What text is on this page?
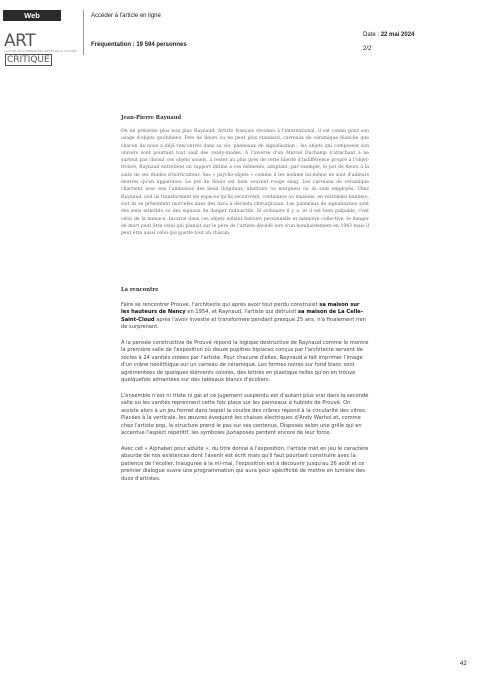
Web
ARTCRITIQUE
L'ACTUALITÉ DU MONDE DE L'ART ET DE LA CULTURE
Accéder à l'article en ligne
Fréquentation : 19 594 personnes
Date : 22 mai 2024
2/2
Jean-Pierre Raynaud
On ne présente plus non plus Raynaud. Artiste français reconnu à l'international, il est connu pour son usage d'objets quotidiens. Pots de fleurs ou ne peut plus standard, carreaux de céramique blanche que chacun de nous a déjà rencontrés dans sa vie, panneaux de signalisation ; les objets qui composent son univers sont pourtant tout sauf des ready-mades. À l'inverse d'un Marcel Duchamp s'attachant à ne surtout pas choisir ces objets usuels, à rester au plus près de cette liberté d'indifférence propre à l'objet-trouvé, Raynaud entretient un rapport intime à ces éléments, adoptant, par exemple, le pot de fleurs à la suite de ses études d'horticulteur. Ses « psycho-objets » comme il les nomme lui-même ne sont d'ailleurs neutres qu'en apparence. Le pot de fleurs est bien souvent rouge sang. Les carreaux de céramique charrient avec eux l'ambiance des lieux (hôpitaux, abattoirs ou morgues) où ils sont employés. Chez Raynaud, soit ils transforment les espaces qu'ils recouvrent, containers ou maisons, en véritables bunkers, soit ils se présentent morcelés dans des bacs à déchets chirurgicaux. Les panneaux de signalisation sont des sens interdits ou des signaux de danger radioactifs. Si ordinaire il y a, et il est bien palpable, c'est celui de la menace. Incarné dans ces objets mêlant histoire personnelle et mémoire collective, le danger de mort peut être celui qui planait sur le père de l'artiste décédé lors d'un bombardement en 1943 mais il peut être aussi celui qui guette tout un chacun.
La rencontre

Faire se rencontrer Prouvé, l'architecte qui après avoir tout perdu construisit sa maison sur les hauteurs de Nancy en 1954, et Raynaud, l'artiste qui détruisit sa maison de La Celle-Saint-Cloud après l'avoir investie et transformée pendant presque 25 ans, n'a finalement rien de surprenant.

À la pensée constructive de Prouvé répond la logique destructive de Raynaud comme le montre la première salle de l'exposition où douze pupitres biplaces conçus par l'architecte servent de socles à 24 vanités créées par l'artiste. Pour chacune d'elles, Raynaud a fait imprimer l'image d'un crâne néolithique sur un carreau de céramique. Les formes noires sur fond blanc sont agrémentées de quelques éléments colorés, des lettres en plastique telles qu'on en trouve quelquefois aimantées sur des tableaux blancs d'écoliers.

L'ensemble n'est ni triste ni gai et ce jugement suspendu est d'autant plus vrai dans la seconde salle où les vanités reprennent cette fois place sur les panneaux à hublots de Prouvé. On assiste alors à un jeu formel dans lequel la courbe des crânes répond à la circularité des vitres. Placées à la verticale, les œuvres évoquent les chaises électriques d'Andy Warhol et, comme chez l'artiste pop, la structure prend le pas sur ses contenus. Disposés selon une grille qui en accentue l'aspect répétitif, les symboles juxtaposés perdent encore de leur force.

Avec cet « Alphabet pour adulte », du titre donné à l'exposition, l'artiste met en jeu le caractère absurde de nos existences dont l'avenir est écrit mais qu'il faut pourtant construire avec la patience de l'écolier. Inaugurée à la mi-mai, l'exposition est à découvrir jusqu'au 26 août et ce premier dialogue ouvre une programmation qui aura pour spécificité de mettre en lumière des duos d'artistes.

42
